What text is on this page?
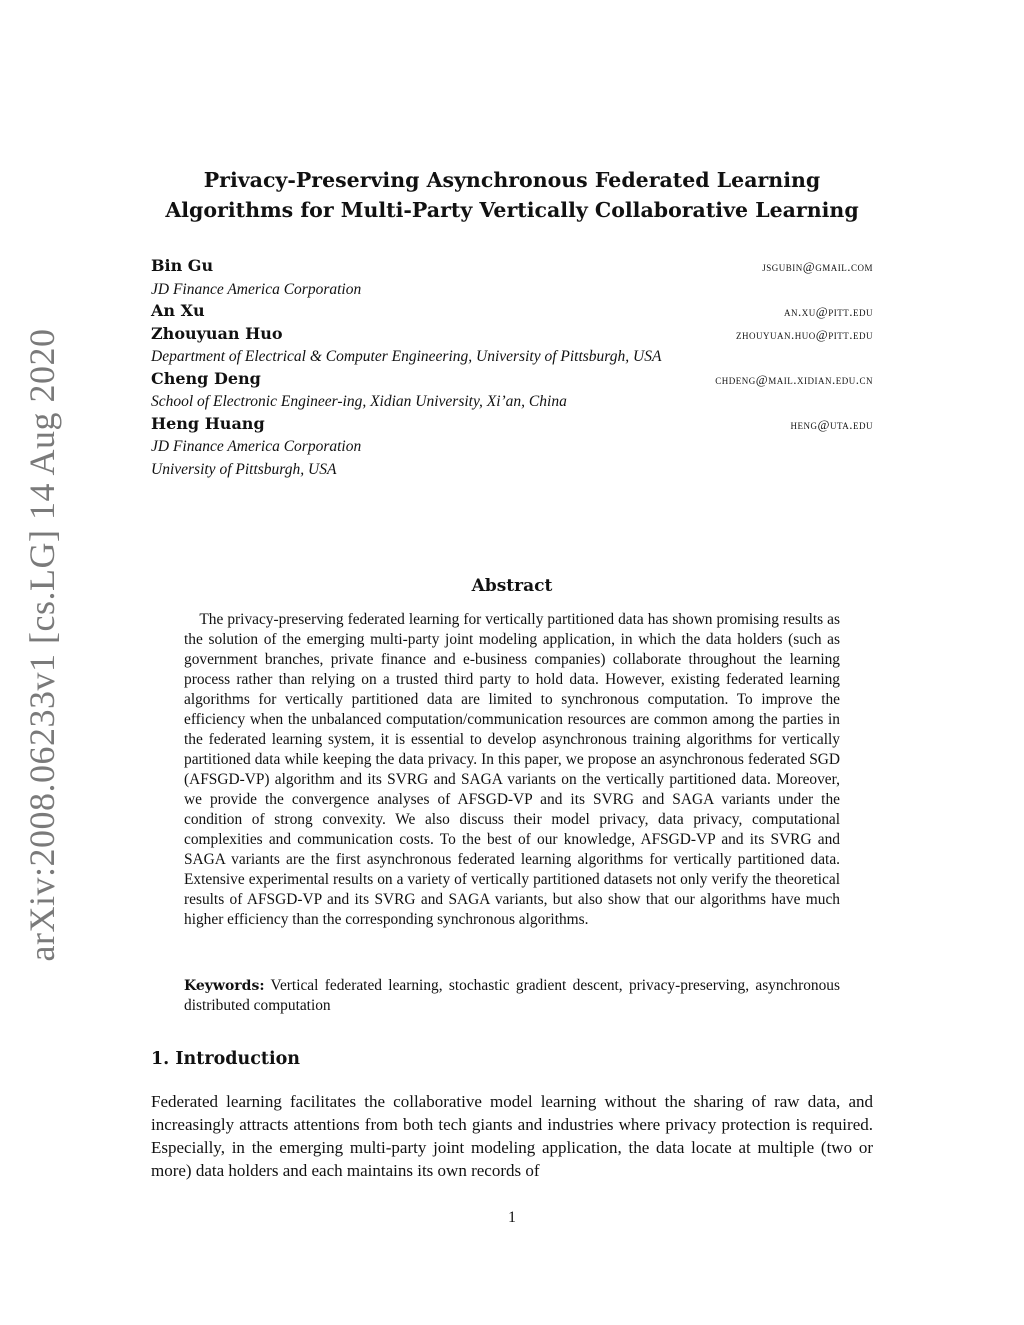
arXiv:2008.06233v1 [cs.LG] 14 Aug 2020
Privacy-Preserving Asynchronous Federated Learning
Algorithms for Multi-Party Vertically Collaborative Learning
Bin Gu	jsgubin@gmail.com
JD Finance America Corporation
An Xu	an.xu@pitt.edu
Zhouyuan Huo	zhouyuan.huo@pitt.edu
Department of Electrical & Computer Engineering, University of Pittsburgh, USA
Cheng Deng	chdeng@mail.xidian.edu.cn
School of Electronic Engineer-ing, Xidian University, Xi’an, China
Heng Huang	heng@uta.edu
JD Finance America Corporation
University of Pittsburgh, USA
Abstract
The privacy-preserving federated learning for vertically partitioned data has shown promising results as the solution of the emerging multi-party joint modeling application, in which the data holders (such as government branches, private finance and e-business companies) collaborate throughout the learning process rather than relying on a trusted third party to hold data. However, existing federated learning algorithms for vertically partitioned data are limited to synchronous computation. To improve the efficiency when the unbalanced computation/communication resources are common among the parties in the federated learning system, it is essential to develop asynchronous training algorithms for vertically partitioned data while keeping the data privacy. In this paper, we propose an asynchronous federated SGD (AFSGD-VP) algorithm and its SVRG and SAGA variants on the vertically partitioned data. Moreover, we provide the convergence analyses of AFSGD-VP and its SVRG and SAGA variants under the condition of strong convexity. We also discuss their model privacy, data privacy, computational complexities and communication costs. To the best of our knowledge, AFSGD-VP and its SVRG and SAGA variants are the first asynchronous federated learning algorithms for vertically partitioned data. Extensive experimental results on a variety of vertically partitioned datasets not only verify the theoretical results of AFSGD-VP and its SVRG and SAGA variants, but also show that our algorithms have much higher efficiency than the corresponding synchronous algorithms.
Keywords: Vertical federated learning, stochastic gradient descent, privacy-preserving, asynchronous distributed computation
1. Introduction
Federated learning facilitates the collaborative model learning without the sharing of raw data, and increasingly attracts attentions from both tech giants and industries where privacy protection is required. Especially, in the emerging multi-party joint modeling application, the data locate at multiple (two or more) data holders and each maintains its own records of
1
